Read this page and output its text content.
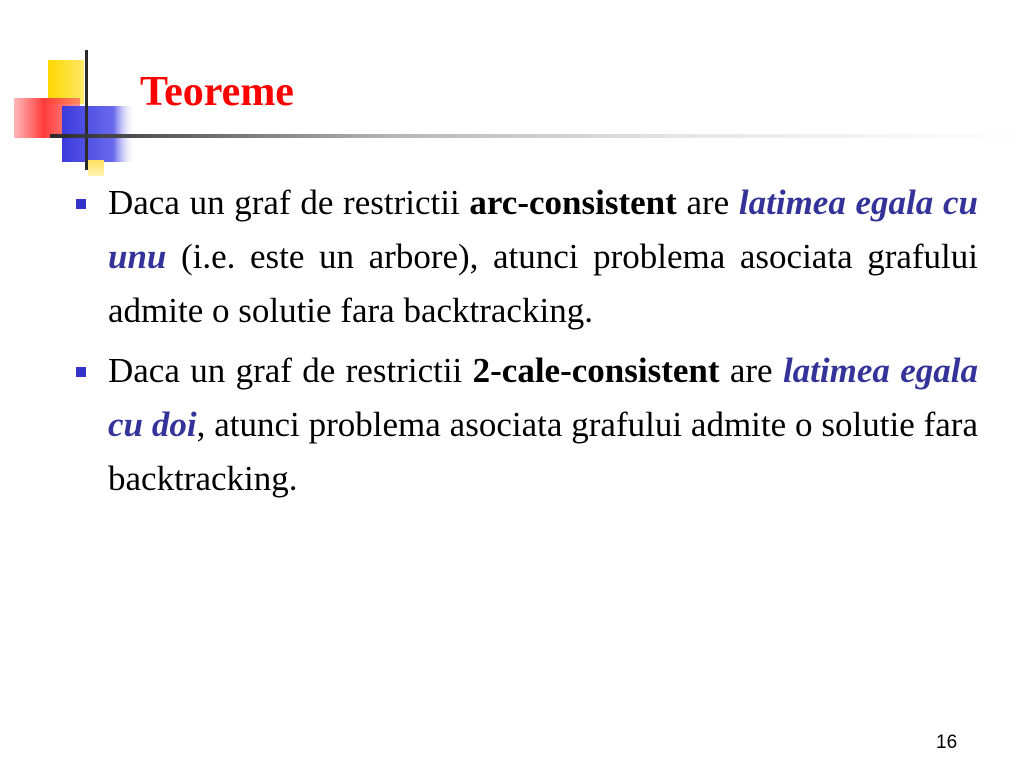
Teoreme
Daca un graf de restrictii arc-consistent are latimea egala cu unu (i.e. este un arbore), atunci problema asociata grafului admite o solutie fara backtracking.
Daca un graf de restrictii 2-cale-consistent are latimea egala cu doi, atunci problema asociata grafului admite o solutie fara backtracking.
16
